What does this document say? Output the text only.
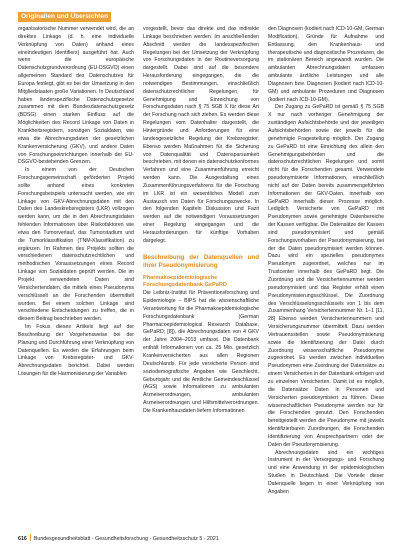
Originalien und Übersichten

organisatorische Nummer verwendet wird, die an direktes Linkage (d. h. eine individuelle Verknüpfung von Daten) anhand eines eineindeutigen Identifiers) ausgeführt hat. Auch wenn die europäische Datenschutzgrundverordnung (EU-DSGVO) einen allgemeinen Standard des Datenschutzes für Europa festlegt, gibt es bei der Umsetzung in den Mitgliedstaaten große Variationen. In Deutschland haben länderspezifische Datenschutzgesetze zusammen mit dem Bundesdatenschutzgesetz (BDSG) einen starken Einfluss auf die Möglichkeiten des Record Linkage von Daten in Krankheitsregistern, sonstigen Sozialdaten, wie etwa die Abrechnungsdaten der gesetzlichen Krankenversicherung (GKV), und andere Daten von Forschungseinrichtungen innerhalb der EU-DSGVO-bestehenden Grenzen.

In einem von der Deutschen Forschungsgemeinschaft geförderten Projekt sollte anhand eines konkreten Forschungsbeispiels untersucht werden, wie ein Linkage von GKV-Abrechnungsdaten mit den Daten des Landeskrebsregisters (LKR) vollzogen werden kann, um die in den Abrechnungsdaten fehlenden Informationen über Risikofaktoren wie etwa den Tumorverlauf, das Tumorstadium und die Tumorklassifikation (TNM-Klassifikation) zu ergänzen. Im Rahmen des Projekts sollten die verschiedenen datenschutzrechtlichen und methodischen Voraussetzungen eines Record Linkage von Sozialdaten geprüft werden. Die im Projekt verwendeten Daten sind Versichertendaten, die mittels eines Pseudonyms verschlüsselt an die Forschenden übermittelt wurden. Bei einem solchen Linkage sind verschiedene Entscheidungen zu treffen, die in diesem Beitrag beschrieben werden.

Im Fokus dieses Artikels liegt auf der Beschreibung der Vorgehensweise bei der Planung und Durchführung einer Verknüpfung von Datenquellen. Es werden die Erfahrungen beim Linkage von Krebsregister- und GKV-Abrechnungsdaten berichtet. Dabei werden Lösungen für die Harmonisierung der Variablen

vorgestellt, bevor das direkte und das indirekte Linkage beschrieben werden. Im anschließenden Abschnitt werden die landesspezifischen Regelungen bei der Umsetzung der Verknüpfung von Forschungsdaten in der Routineversorgung dargestellt. Dabei sind auf die besondere Herausforderung eingegangen, die die notwendigen Bestimmungen, einschließlich datenschutzrechtlicher Regelungen, für Genehmigung und Einreichung von Forschungsdaten nach § 75 SGB X für diese Art der Forschung nach sich ziehen. Es werden diese Regelungen vom Datenhalter dargestellt, die Hintergründe und Anforderungen für eine landesgesetzliche Regelung der Krebsregister. Ebenso werden Maßnahmen für die Sicherung von Datenqualität und Datensparsamkeit beschrieben, mit denen ein datenschutzkonformes Verfahren und eine Zusammenführung erreicht werden kann. Die Ausgestaltung eines Zusammenführungsverfahrens für die Forschung im LKR ist ein wesentliches Modell zum Austausch von Daten für Forschungszwecke. In den folgenden Kapiteln Diskussion und Fazit werden auf die notwendigen Voraussetzungen einer Regelung eingegangen und die Herausforderungen für künftige Vorhaben dargelegt.

Beschreibung der Datenquellen und ihrer Pseudonymisierung

Pharmakoepidemiologische Forschungsdatenbank GePaRD

Die Leibniz-Institut für Präventionsforschung und Epidemiologie – BIPS hat die wissenschaftliche Verantwortung für die Pharmakoepidemiologische Forschungsdatenbank (German Pharmacoepidemiological Research Database, GePaRD; [8]), die Abrechnungsdaten von 4 GKV der Jahre 2004–2013 umfasst. Die Datenbank enthält Informationen von ca. 25 Mio. gesetzlich Krankenversicherten aus allen Regionen Deutschlands. Für jede versicherte Person sind soziodemografische Angaben wie Geschlecht, Geburtsjahr und die Amtliche Gemeindeschlüssel (AGS) sowie Informationen zu ambulanten Arzneiverordnungen, ambulanten Arzneiverordnungen und Hilfsmittelverordnungen. Die Krankenhausdaten liefern Informationen

den Diagnosen (kodiert nach ICD-10-GM, German Modification), Gründe für Aufnahme und Entlassung, den Krankenhaus- und therapeutische und diagnostische Prozeduren, die im stationären Bereich angewandt wurden. Die ambulanten Abrechnungsdaten umfassen ambulante ärztliche Leistungen und alle Diagnosen bzw. Diagnosen (kodiert nach ICD-10-GM) und ambulante Prozeduren und Diagnosen (kodiert nach ICD-10-GM).

Der Zugang zu GePaRD ist gemäß § 75 SGB X nur nach vorheriger Genehmigung der zuständigen Aufsichtsbehörde und der jeweiligen Aufsichtsbehörden sowie der jeweils für die genehmigte Fragestellung möglich. Der Zugang zu GePaRD ist eine Einrichtung des allein den Genehmigungsbehörden und die datenschutzrechtlichen Regelungen und somit nicht für die Forschenden gesamt. Verwendete pseudonymisierte Informationen, einschließlich nicht auf der Daten bereits zusammengeführten Informationen der GKV-Daten, innerhalb von GePaRD innerhalb dieser Prozesse möglich. Lediglich Versicherte von GePaRD mit Pseudonymen sowie genehmigte Datenbereiche der Kassen verfügbar. Die Datensätze der Kassen sind pseudonymisiert und gemäß Forschungsvorhaben der Pseudonymisierung, bei der die Daten pseudonymisiert werden können. Dazu wird ein spezielles pseudonymes Pseudonym zugeordnet, welches nur im Trustcenter innerhalb des GePaRD liegt. Die Zuordnung und die Versichertennummer werden pseudonymisiert und das Register erhält einen Pseudonymisierungsschlüssel. Die Zuordnung des Verschlüsselungsschlüssels von 1 bis dem Zusammenhang Versichertennummer Nr. 1–1 [11, 28] Ebenso werden Versichertennummern und Versicherungsnummer übermittelt. Dazu werden Vertrauensstellen sowie Pseudonymisierung sowie die Identifizierung der Datei durch Zuordnung wissenschaftliche Pseudonyme zugeordnet. Es werden zwischen individuellen Pseudonymen eine Zuordnung der Datensätze zu einem Versicherten in der Datenbank erfolgen und zu einzelnen Versicherten. Damit ist es möglich, die Datensätze Daten in Personen und Versicherten pseudonymisiert zu führen. Diese wissenschaftlichen Pseudonyme werden nur für die Forschenden genutzt. Den Forschenden bereitgestellt werden die Pseudonyme mit jeweils identifizierbaren Zuordnungen, die Forschenden Identifizierung von Ansprechpartnern oder der Daten der Pseudonymisierung.

Abrechnungsdaten sind ein wichtiges Instrument in der Versorgungs- und Forschung und eine Anwendung in der epidemiologischen Studien in Deutschland. Die Vorteile dieser Datenquelle liegen in einer Verknüpfung von Angaben

616 Bundesgesundheitsblatt - Gesundheitsforschung - Gesundheitsschutz 5 · 2021
